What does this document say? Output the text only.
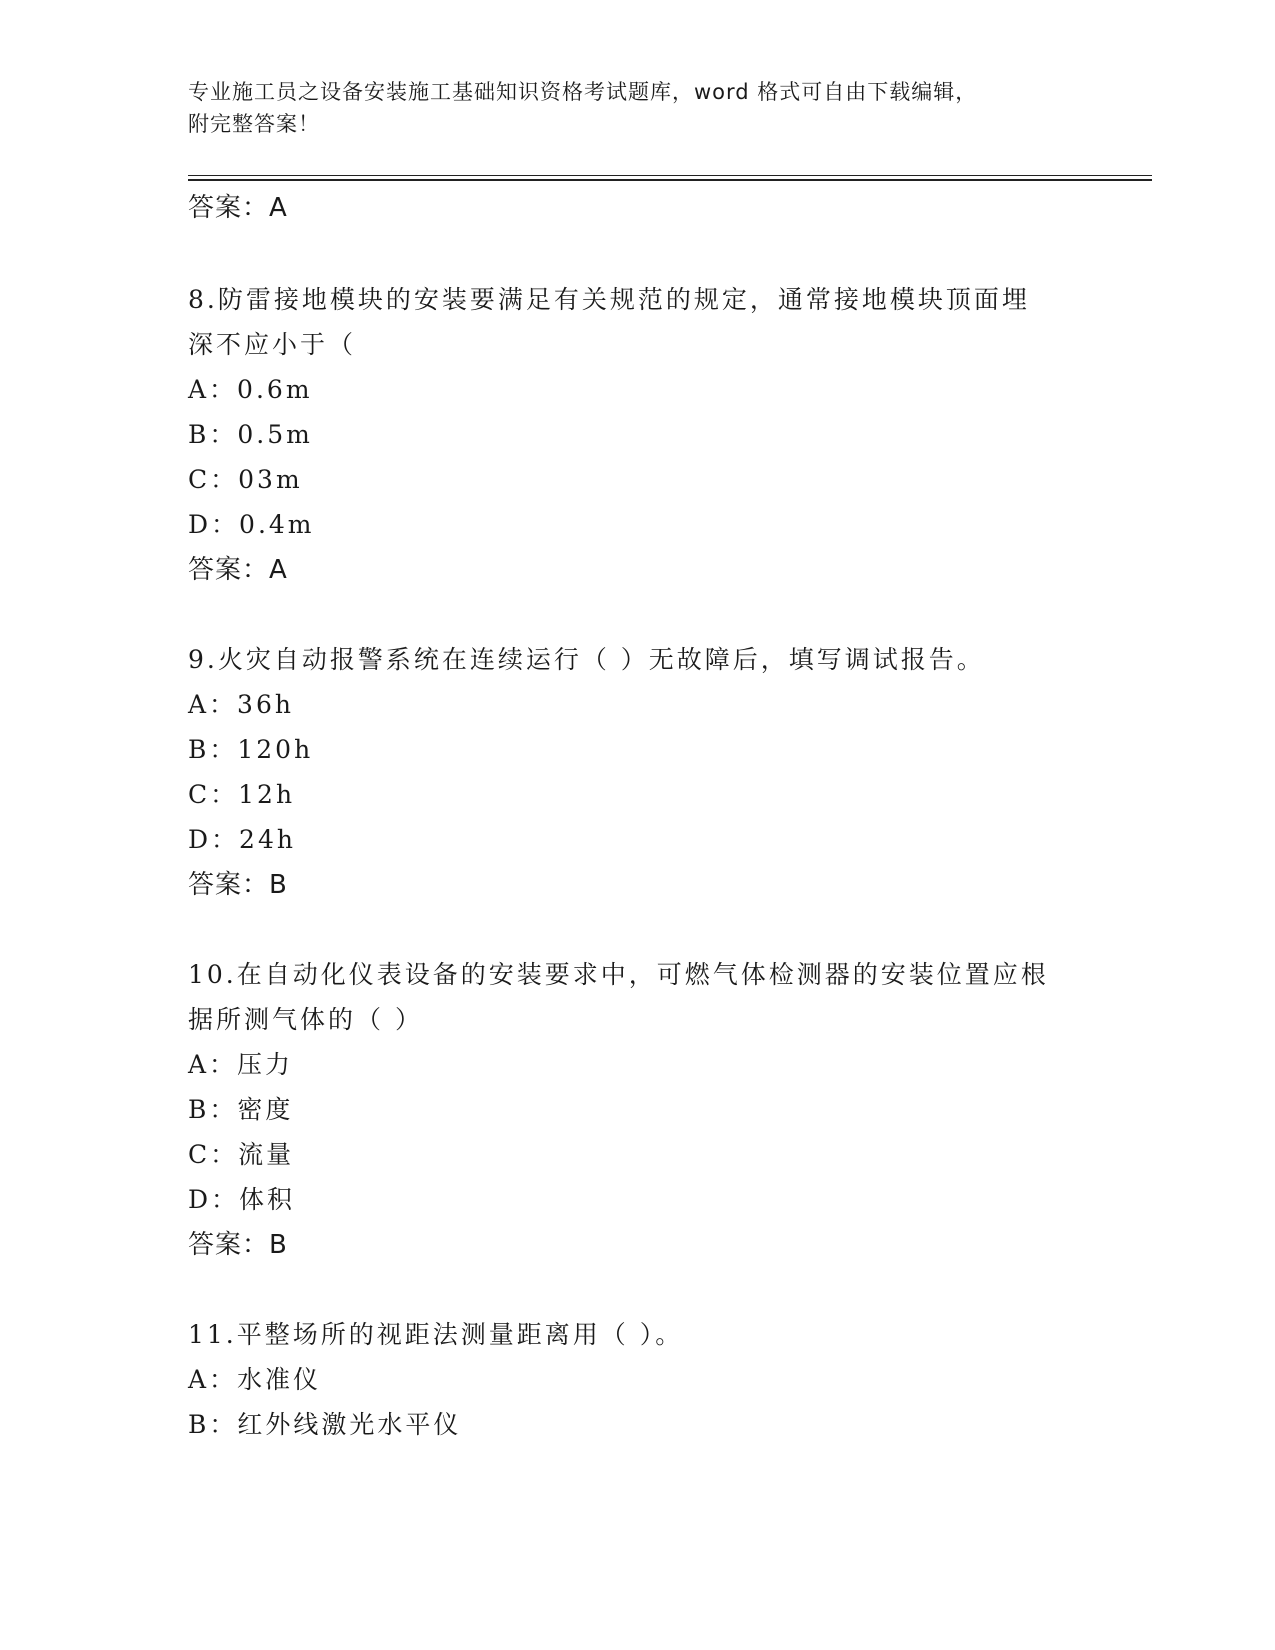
专业施工员之设备安装施工基础知识资格考试题库，word 格式可自由下载编辑，
附完整答案！
答案：A
8.防雷接地模块的安装要满足有关规范的规定，通常接地模块顶面埋
深不应小于（
A：0.6m
B：0.5m
C：03m
D：0.4m
答案：A
9.火灾自动报警系统在连续运行（ ）无故障后，填写调试报告。
A：36h
B：120h
C：12h
D：24h
答案：B
10.在自动化仪表设备的安装要求中，可燃气体检测器的安装位置应根
据所测气体的（ ）
A：压力
B：密度
C：流量
D：体积
答案：B
11.平整场所的视距法测量距离用（ ）。
A：水准仪
B：红外线激光水平仪
